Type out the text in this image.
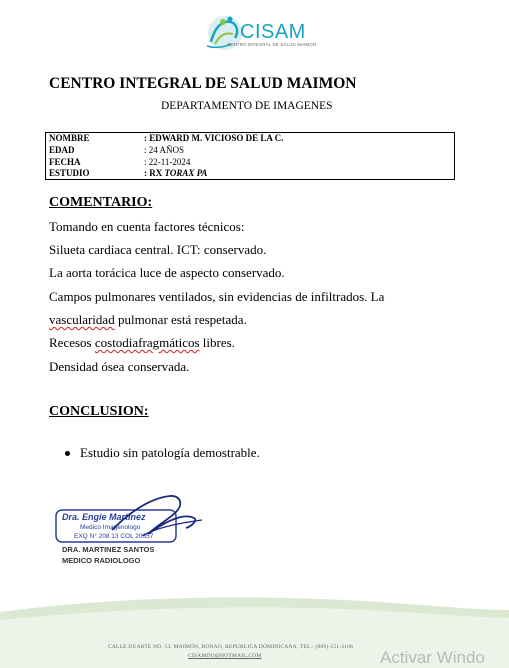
CISAM
CENTRO INTEGRAL DE SALUD MAIMON
CENTRO INTEGRAL DE SALUD MAIMON
DEPARTAMENTO DE IMAGENES
NOMBRE	: EDWARD M. VICIOSO DE LA C.
EDAD	: 24 AÑOS
FECHA	: 22-11-2024
ESTUDIO	: RX TORAX PA
COMENTARIO:
Tomando en cuenta factores técnicos:
Silueta cardiaca central. ICT: conservado.
La aorta torácica luce de aspecto conservado.
Campos pulmonares ventilados, sin evidencias de infiltrados. La
vascularidad pulmonar está respetada.
Recesos costodiafragmáticos libres.
Densidad ósea conservada.
CONCLUSION:
Estudio sin patología demostrable.
Dra. Engie Martinez
Medico Imagenologo
EXQ N° 208 13 COL 20357
DRA. MARTINEZ SANTOS
MEDICO RADIOLOGO
CALLE DUARTE NO. 13, MAIMÓN, BONAO, REPUBLICA DOMINICANA, TEL.: (809)-551-2106
CISAMDO@HOTMAIL.COM	Activar Windo
